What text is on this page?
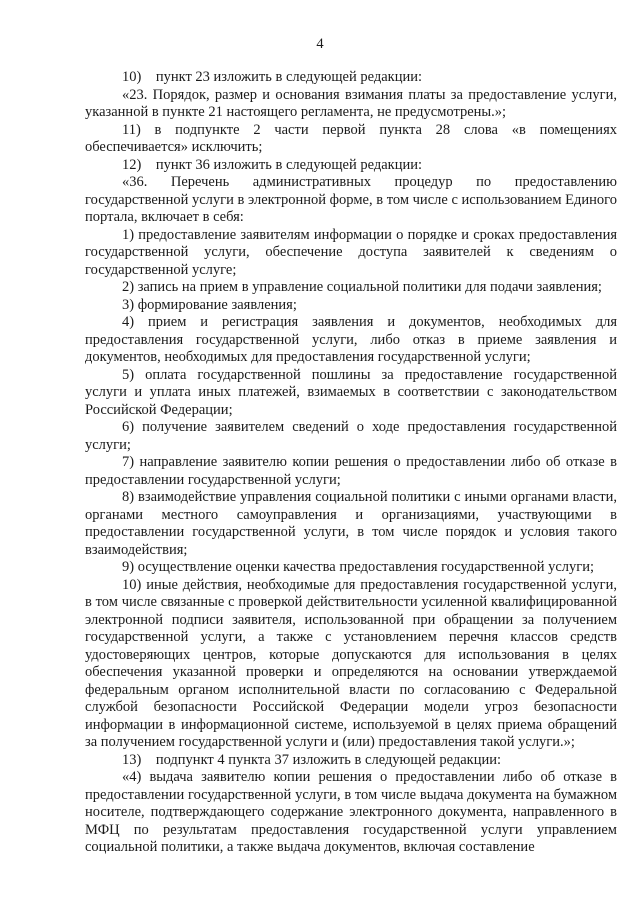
4

10) пункт 23 изложить в следующей редакции:

«23. Порядок, размер и основания взимания платы за предоставление услуги, указанной в пункте 21 настоящего регламента, не предусмотрены.»;

11) в подпункте 2 части первой пункта 28 слова «в помещениях обеспечивается» исключить;

12) пункт 36 изложить в следующей редакции:

«36. Перечень административных процедур по предоставлению государственной услуги в электронной форме, в том числе с использованием Единого портала, включает в себя:

1) предоставление заявителям информации о порядке и сроках предоставления государственной услуги, обеспечение доступа заявителей к сведениям о государственной услуге;

2) запись на прием в управление социальной политики для подачи заявления;

3) формирование заявления;

4) прием и регистрация заявления и документов, необходимых для предоставления государственной услуги, либо отказ в приеме заявления и документов, необходимых для предоставления государственной услуги;

5) оплата государственной пошлины за предоставление государственной услуги и уплата иных платежей, взимаемых в соответствии с законодательством Российской Федерации;

6) получение заявителем сведений о ходе предоставления государственной услуги;

7) направление заявителю копии решения о предоставлении либо об отказе в предоставлении государственной услуги;

8) взаимодействие управления социальной политики с иными органами власти, органами местного самоуправления и организациями, участвующими в предоставлении государственной услуги, в том числе порядок и условия такого взаимодействия;

9) осуществление оценки качества предоставления государственной услуги;

10) иные действия, необходимые для предоставления государственной услуги, в том числе связанные с проверкой действительности усиленной квалифицированной электронной подписи заявителя, использованной при обращении за получением государственной услуги, а также с установлением перечня классов средств удостоверяющих центров, которые допускаются для использования в целях обеспечения указанной проверки и определяются на основании утверждаемой федеральным органом исполнительной власти по согласованию с Федеральной службой безопасности Российской Федерации модели угроз безопасности информации в информационной системе, используемой в целях приема обращений за получением государственной услуги и (или) предоставления такой услуги.»;

13) подпункт 4 пункта 37 изложить в следующей редакции:

«4) выдача заявителю копии решения о предоставлении либо об отказе в предоставлении государственной услуги, в том числе выдача документа на бумажном носителе, подтверждающего содержание электронного документа, направленного в МФЦ по результатам предоставления государственной услуги управлением социальной политики, а также выдача документов, включая составление
